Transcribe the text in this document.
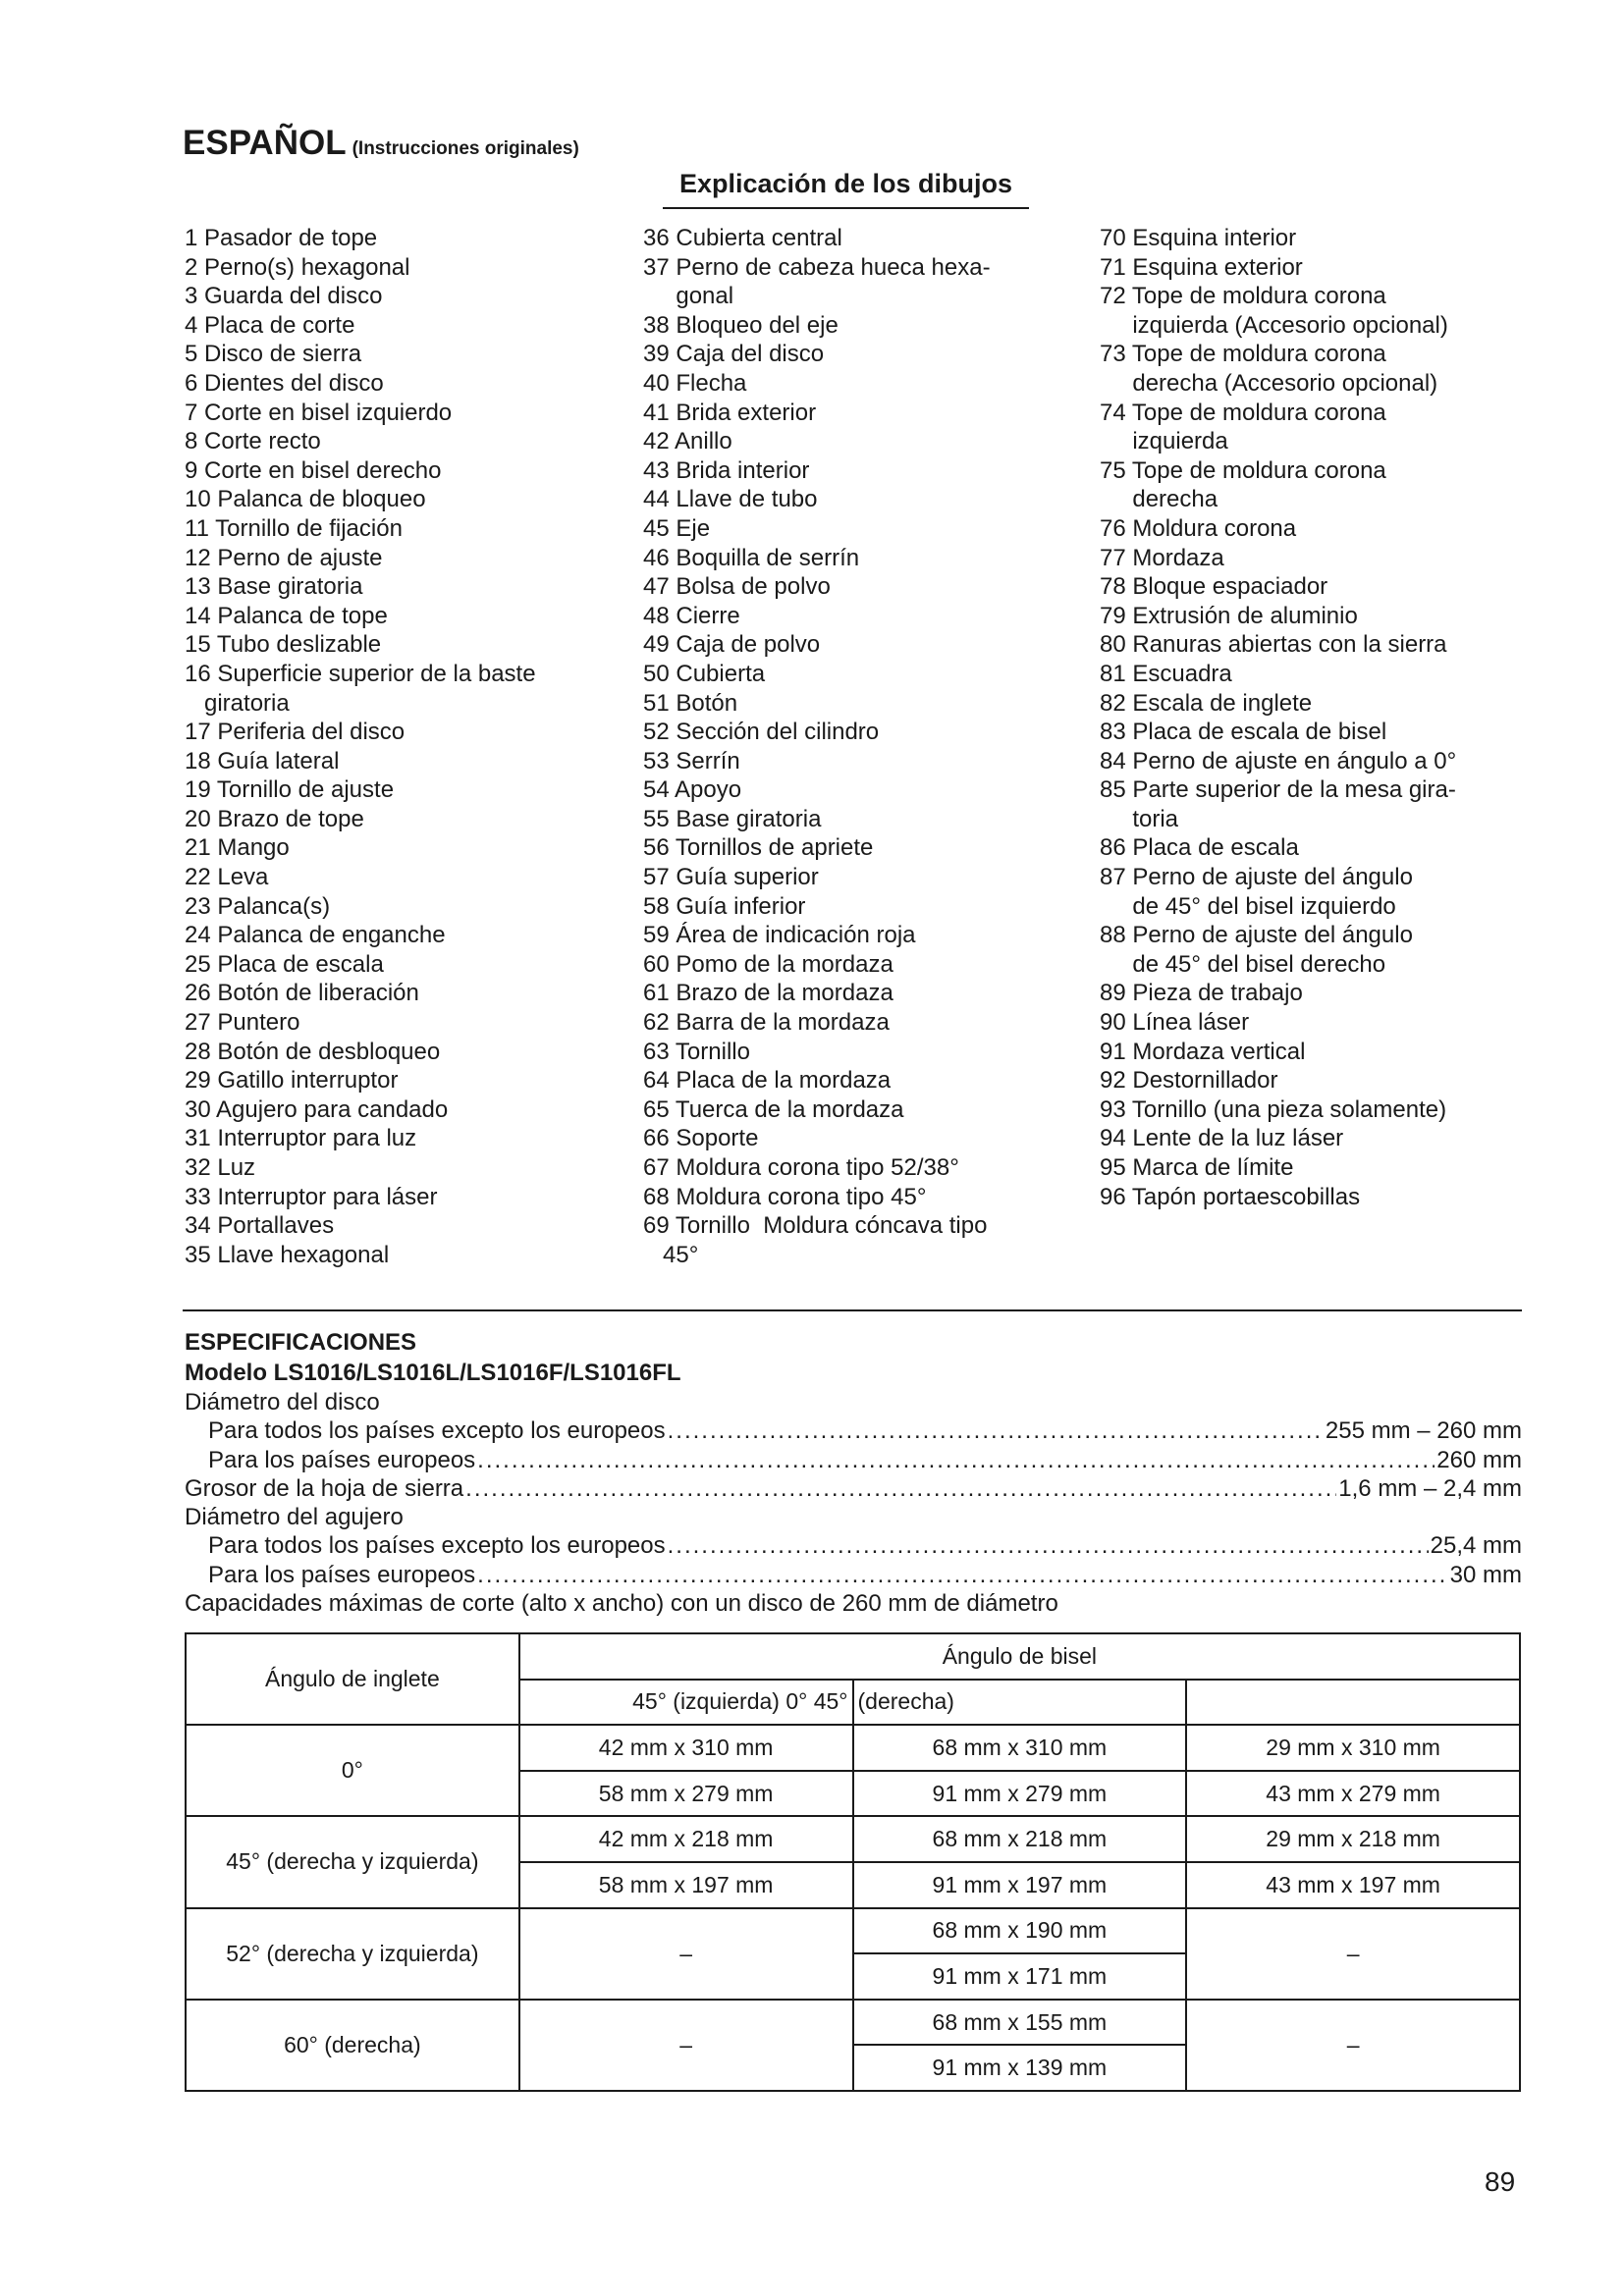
ESPAÑOL (Instrucciones originales)
Explicación de los dibujos
1 Pasador de tope
2 Perno(s) hexagonal
3 Guarda del disco
4 Placa de corte
5 Disco de sierra
6 Dientes del disco
7 Corte en bisel izquierdo
8 Corte recto
9 Corte en bisel derecho
10 Palanca de bloqueo
11 Tornillo de fijación
12 Perno de ajuste
13 Base giratoria
14 Palanca de tope
15 Tubo deslizable
16 Superficie superior de la baste
giratoria
17 Periferia del disco
18 Guía lateral
19 Tornillo de ajuste
20 Brazo de tope
21 Mango
22 Leva
23 Palanca(s)
24 Palanca de enganche
25 Placa de escala
26 Botón de liberación
27 Puntero
28 Botón de desbloqueo
29 Gatillo interruptor
30 Agujero para candado
31 Interruptor para luz
32 Luz
33 Interruptor para láser
34 Portallaves
35 Llave hexagonal
36 Cubierta central
37 Perno de cabeza hueca hexa-
gonal
38 Bloqueo del eje
39 Caja del disco
40 Flecha
41 Brida exterior
42 Anillo
43 Brida interior
44 Llave de tubo
45 Eje
46 Boquilla de serrín
47 Bolsa de polvo
48 Cierre
49 Caja de polvo
50 Cubierta
51 Botón
52 Sección del cilindro
53 Serrín
54 Apoyo
55 Base giratoria
56 Tornillos de apriete
57 Guía superior
58 Guía inferior
59 Área de indicación roja
60 Pomo de la mordaza
61 Brazo de la mordaza
62 Barra de la mordaza
63 Tornillo
64 Placa de la mordaza
65 Tuerca de la mordaza
66 Soporte
67 Moldura corona tipo 52/38°
68 Moldura corona tipo 45°
69 Tornillo  Moldura cóncava tipo
45°
70 Esquina interior
71 Esquina exterior
72 Tope de moldura corona
izquierda (Accesorio opcional)
73 Tope de moldura corona
derecha (Accesorio opcional)
74 Tope de moldura corona
izquierda
75 Tope de moldura corona
derecha
76 Moldura corona
77 Mordaza
78 Bloque espaciador
79 Extrusión de aluminio
80 Ranuras abiertas con la sierra
81 Escuadra
82 Escala de inglete
83 Placa de escala de bisel
84 Perno de ajuste en ángulo a 0°
85 Parte superior de la mesa gira-
toria
86 Placa de escala
87 Perno de ajuste del ángulo
de 45° del bisel izquierdo
88 Perno de ajuste del ángulo
de 45° del bisel derecho
89 Pieza de trabajo
90 Línea láser
91 Mordaza vertical
92 Destornillador
93 Tornillo (una pieza solamente)
94 Lente de la luz láser
95 Marca de límite
96 Tapón portaescobillas
ESPECIFICACIONES
Modelo LS1016/LS1016L/LS1016F/LS1016FL
Diámetro del disco
Para todos los países excepto los europeos .....	255 mm – 260 mm
Para los países europeos .....	260 mm
Grosor de la hoja de sierra .....	1,6 mm – 2,4 mm
Diámetro del agujero
Para todos los países excepto los europeos .....	25,4 mm
Para los países europeos .....	30 mm
Capacidades máximas de corte (alto x ancho) con un disco de 260 mm de diámetro
Ángulo de inglete	Ángulo de bisel		
	45° (izquierda) 0° 45°	(derecha)	
0°	42 mm x 310 mm	68 mm x 310 mm	29 mm x 310 mm
	58 mm x 279 mm	91 mm x 279 mm	43 mm x 279 mm
45° (derecha y izquierda)	42 mm x 218 mm	68 mm x 218 mm	29 mm x 218 mm
	58 mm x 197 mm	91 mm x 197 mm	43 mm x 197 mm
52° (derecha y izquierda)	–	68 mm x 190 mm	–
		91 mm x 171 mm	
60° (derecha)	–	68 mm x 155 mm	–
		91 mm x 139 mm	
89
